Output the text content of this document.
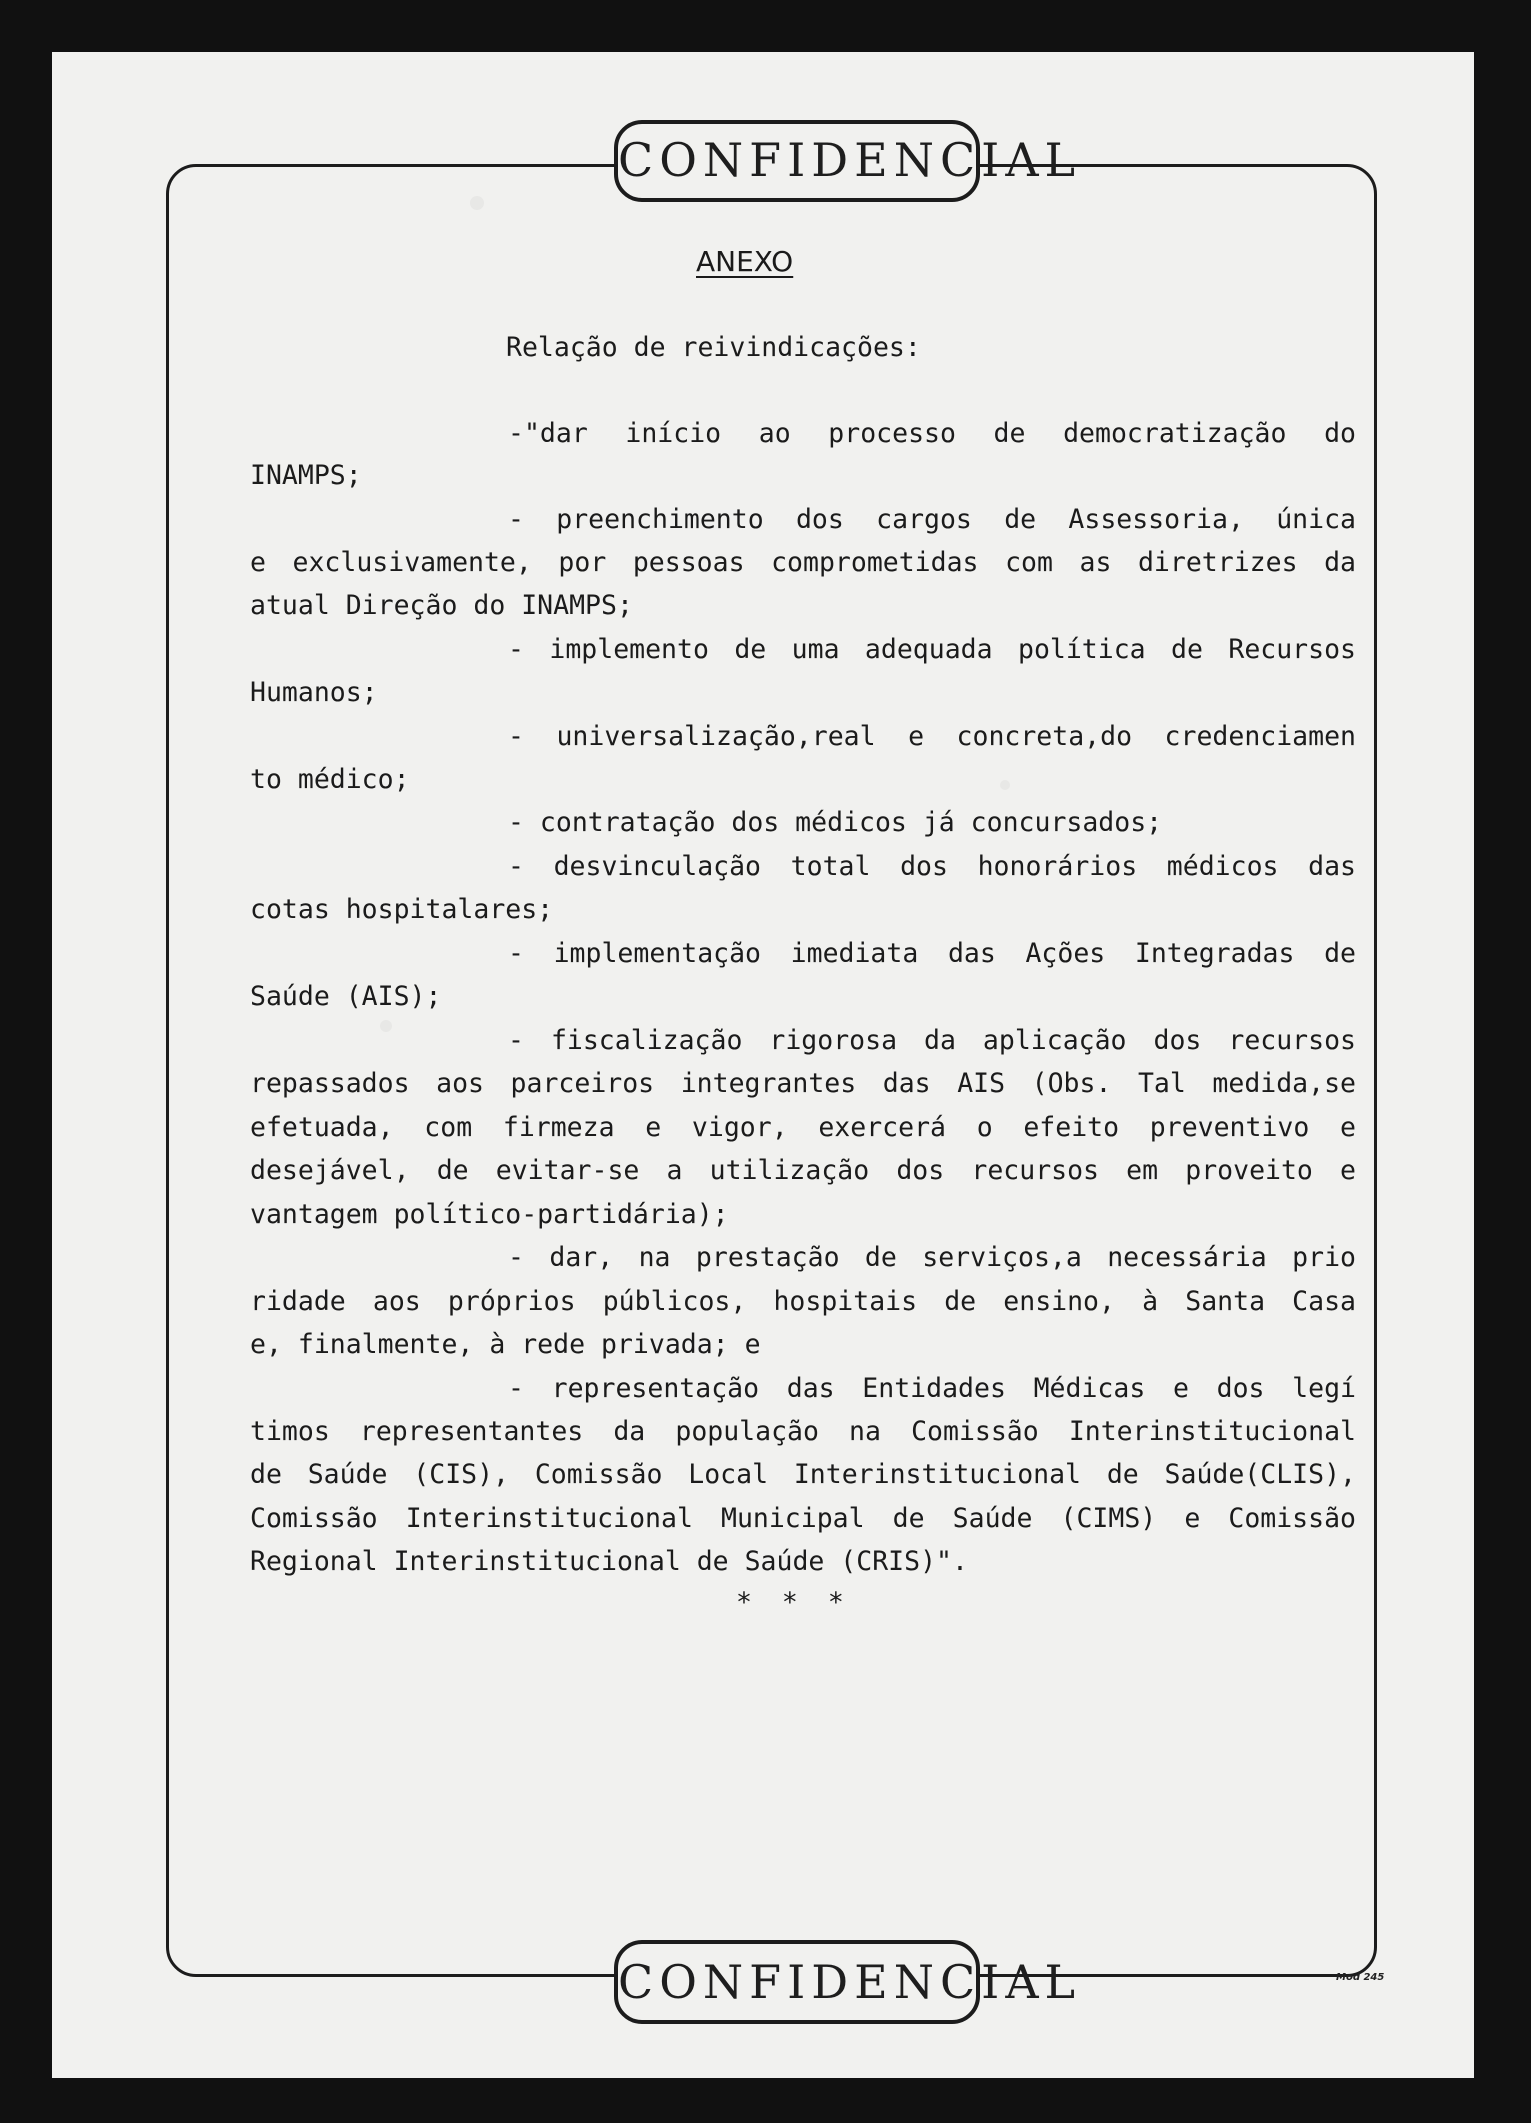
CONFIDENCIAL
ANEXO
Relação de reivindicações:
-"dar início ao processo de democratização do
INAMPS;
- preenchimento dos cargos de Assessoria, única
e exclusivamente, por pessoas comprometidas com as diretrizes da
atual Direção do INAMPS;
- implemento de uma adequada política de Recursos
Humanos;
- universalização,real e concreta,do credenciamen
to médico;
- contratação dos médicos já concursados;
- desvinculação total dos honorários médicos das
cotas hospitalares;
- implementação imediata das Ações Integradas de
Saúde (AIS);
- fiscalização rigorosa da aplicação dos recursos
repassados aos parceiros integrantes das AIS (Obs. Tal medida,se
efetuada, com firmeza e vigor, exercerá o efeito preventivo e
desejável, de evitar-se a utilização dos recursos em proveito e
vantagem político-partidária);
- dar, na prestação de serviços,a necessária prio
ridade aos próprios públicos, hospitais de ensino, à Santa Casa
e, finalmente, à rede privada; e
- representação das Entidades Médicas e dos legí
timos representantes da população na Comissão Interinstitucional
de Saúde (CIS), Comissão Local Interinstitucional de Saúde(CLIS),
Comissão Interinstitucional Municipal de Saúde (CIMS) e Comissão
Regional Interinstitucional de Saúde (CRIS)".
* * *
CONFIDENCIAL	Mod 245
